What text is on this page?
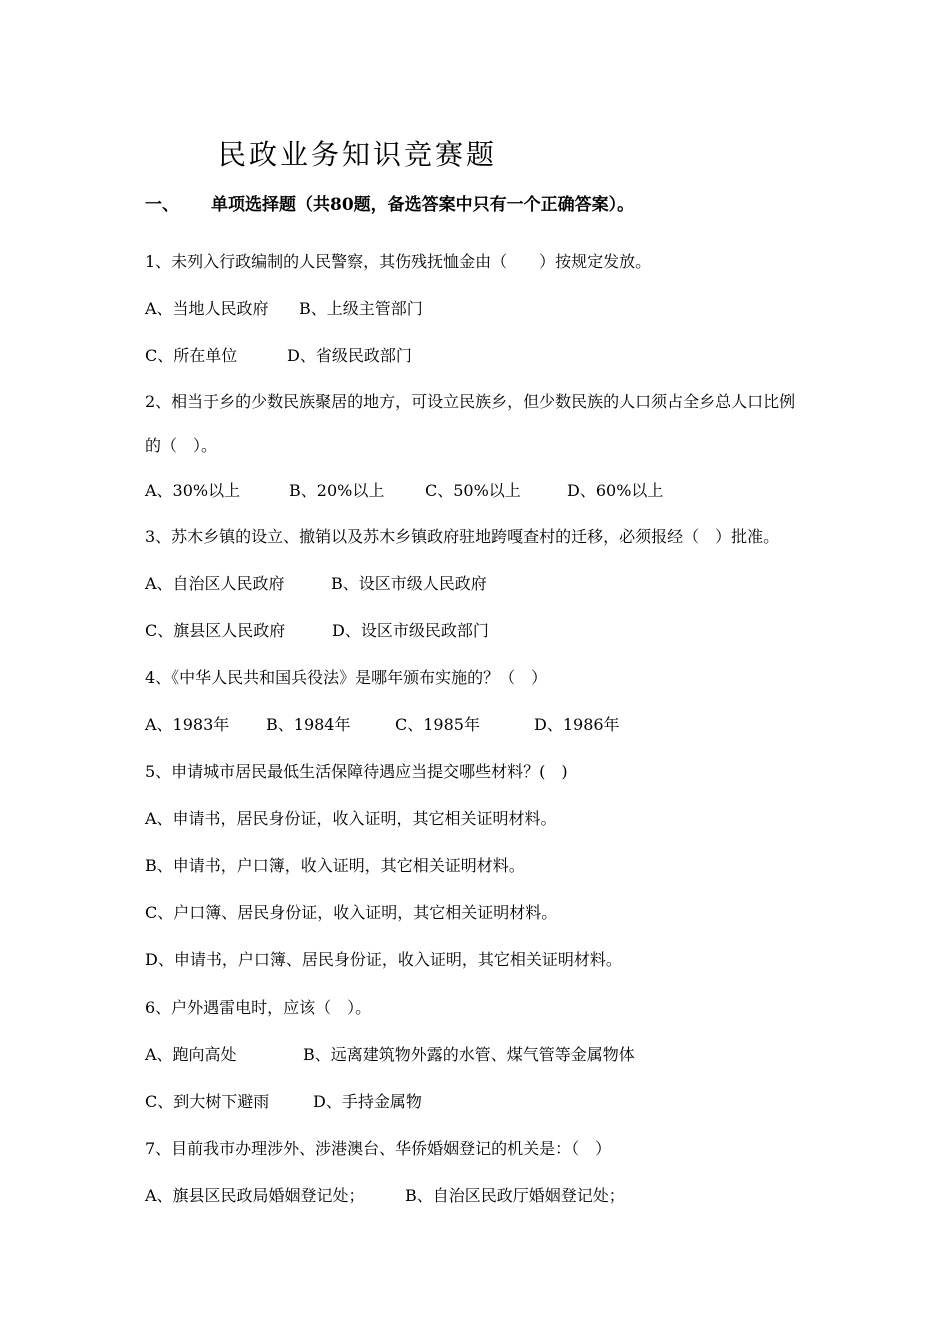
民政业务知识竞赛题
一、 单项选择题（共80题，备选答案中只有一个正确答案）。
1、未列入行政编制的人民警察，其伤残抚恤金由（　　）按规定发放。
A、当地人民政府 B、上级主管部门
C、所在单位	D、省级民政部门
2、相当于乡的少数民族聚居的地方，可设立民族乡，但少数民族的人口须占全乡总人口比例
的（　）。
A、30%以上	B、20%以上	C、50%以上	D、60%以上
3、苏木乡镇的设立、撤销以及苏木乡镇政府驻地跨嘎查村的迁移，必须报经（　）批准。
A、自治区人民政府	B、设区市级人民政府
C、旗县区人民政府	D、设区市级民政部门
4、《中华人民共和国兵役法》是哪年颁布实施的？（　）
A、1983年 B、1984年	C、1985年	D、1986年
5、申请城市居民最低生活保障待遇应当提交哪些材料？(　)
A、申请书，居民身份证，收入证明，其它相关证明材料。
B、申请书，户口簿，收入证明，其它相关证明材料。
C、户口簿、居民身份证，收入证明，其它相关证明材料。
D、申请书，户口簿、居民身份证，收入证明，其它相关证明材料。
6、户外遇雷电时，应该（　）。
A、跑向高处	B、远离建筑物外露的水管、煤气管等金属物体
C、到大树下避雨	D、手持金属物
7、目前我市办理涉外、涉港澳台、华侨婚姻登记的机关是：（　）
A、旗县区民政局婚姻登记处；	B、自治区民政厅婚姻登记处；
